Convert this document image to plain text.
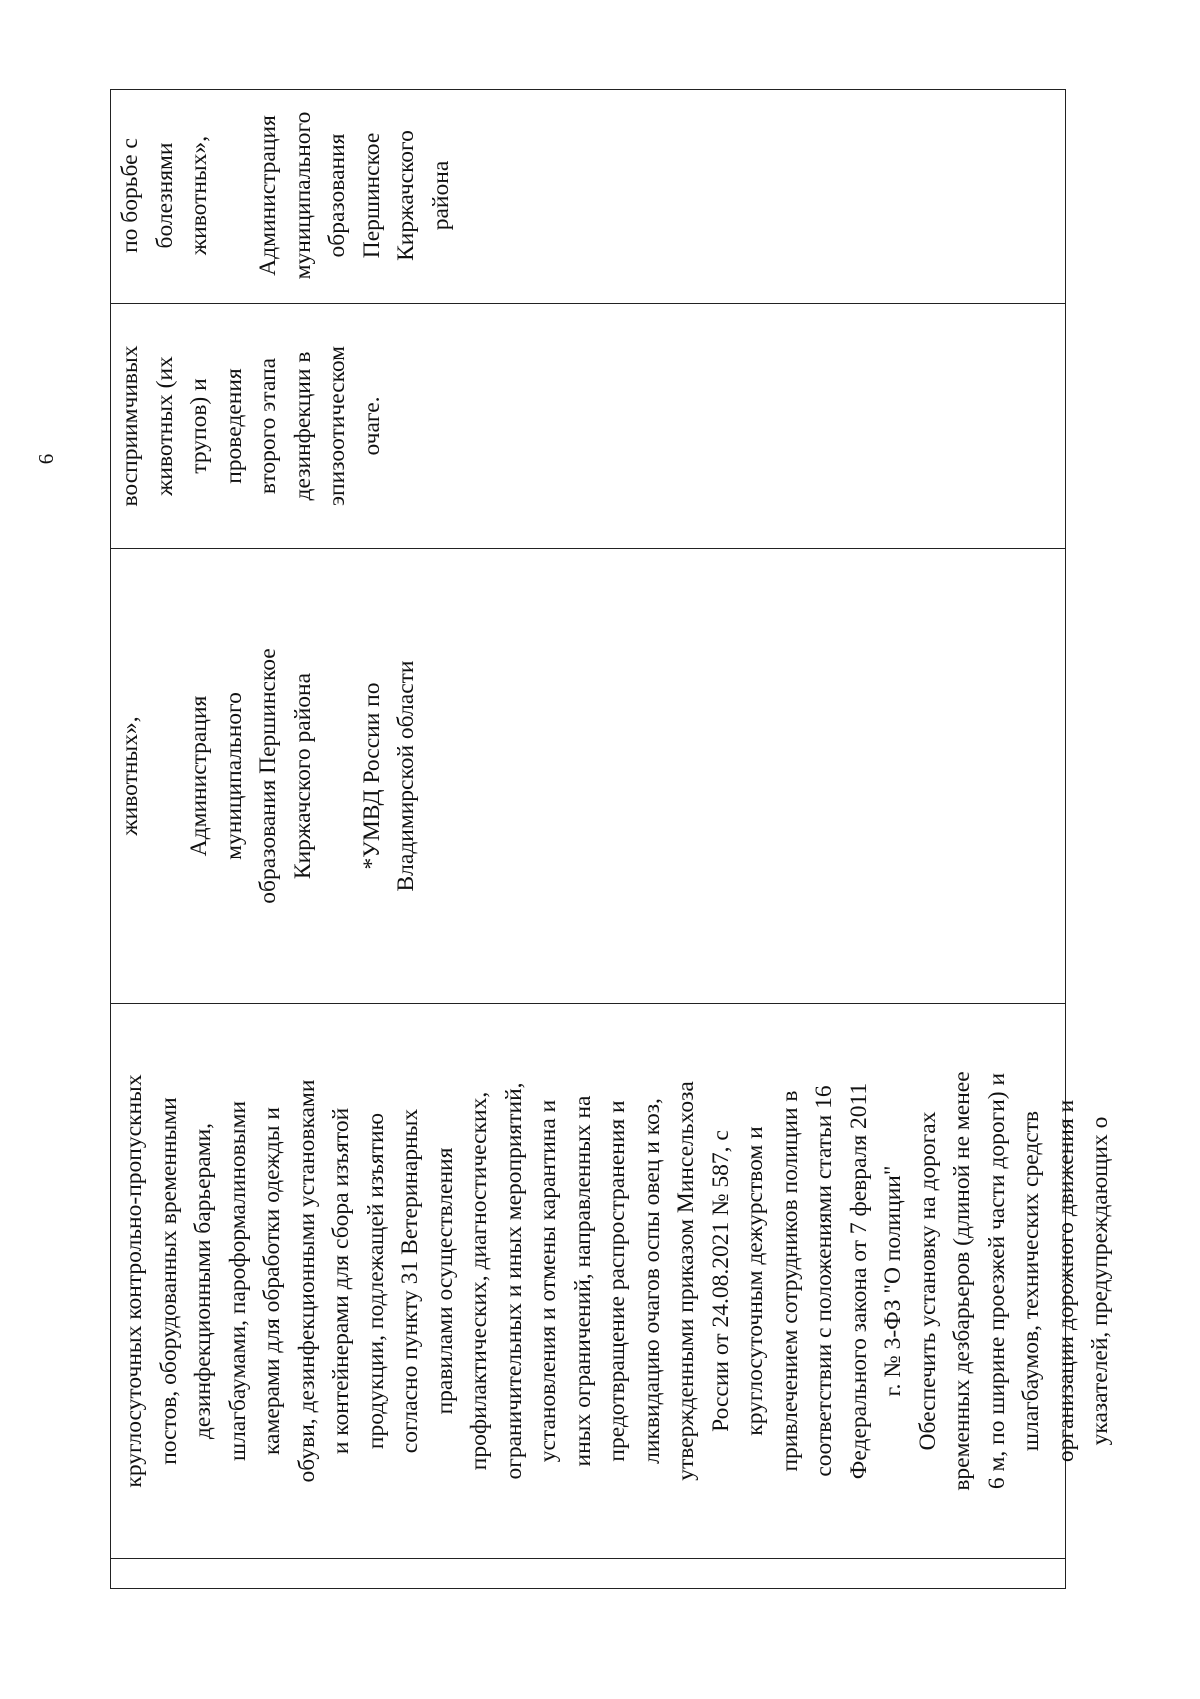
6
круглосуточных контрольно-пропускных постов, оборудованных временными дезинфекционными барьерами, шлагбаумами, пароформалиновыми камерами для обработки одежды и обуви, дезинфекционными установками и контейнерами для сбора изъятой продукции, подлежащей изъятию согласно пункту 31 Ветеринарных правилами осуществления профилактических, диагностических, ограничительных и иных мероприятий, установления и отмены карантина и иных ограничений, направленных на предотвращение распространения и ликвидацию очагов оспы овец и коз, утвержденными приказом Минсельхоза России от 24.08.2021 № 587, с круглосуточным дежурством и привлечением сотрудников полиции в соответствии с положениями статьи 16 Федерального закона от 7 февраля 2011 г. № 3-ФЗ "О полиции" Обеспечить установку на дорогах временных дезбарьеров (длиной не менее 6 м, по ширине проезжей части дороги) и шлагбаумов, технических средств организации дорожного движения и указателей, предупреждающих о
животных», Администрация муниципального образования Першинское Киржачского района *УМВД России по Владимирской области
восприимчивых животных (их трупов) и проведения второго этапа дезинфекции в эпизоотическом очаге.
по борьбе с болезнями животных», Администрация муниципального образования Першинское Киржачского района
